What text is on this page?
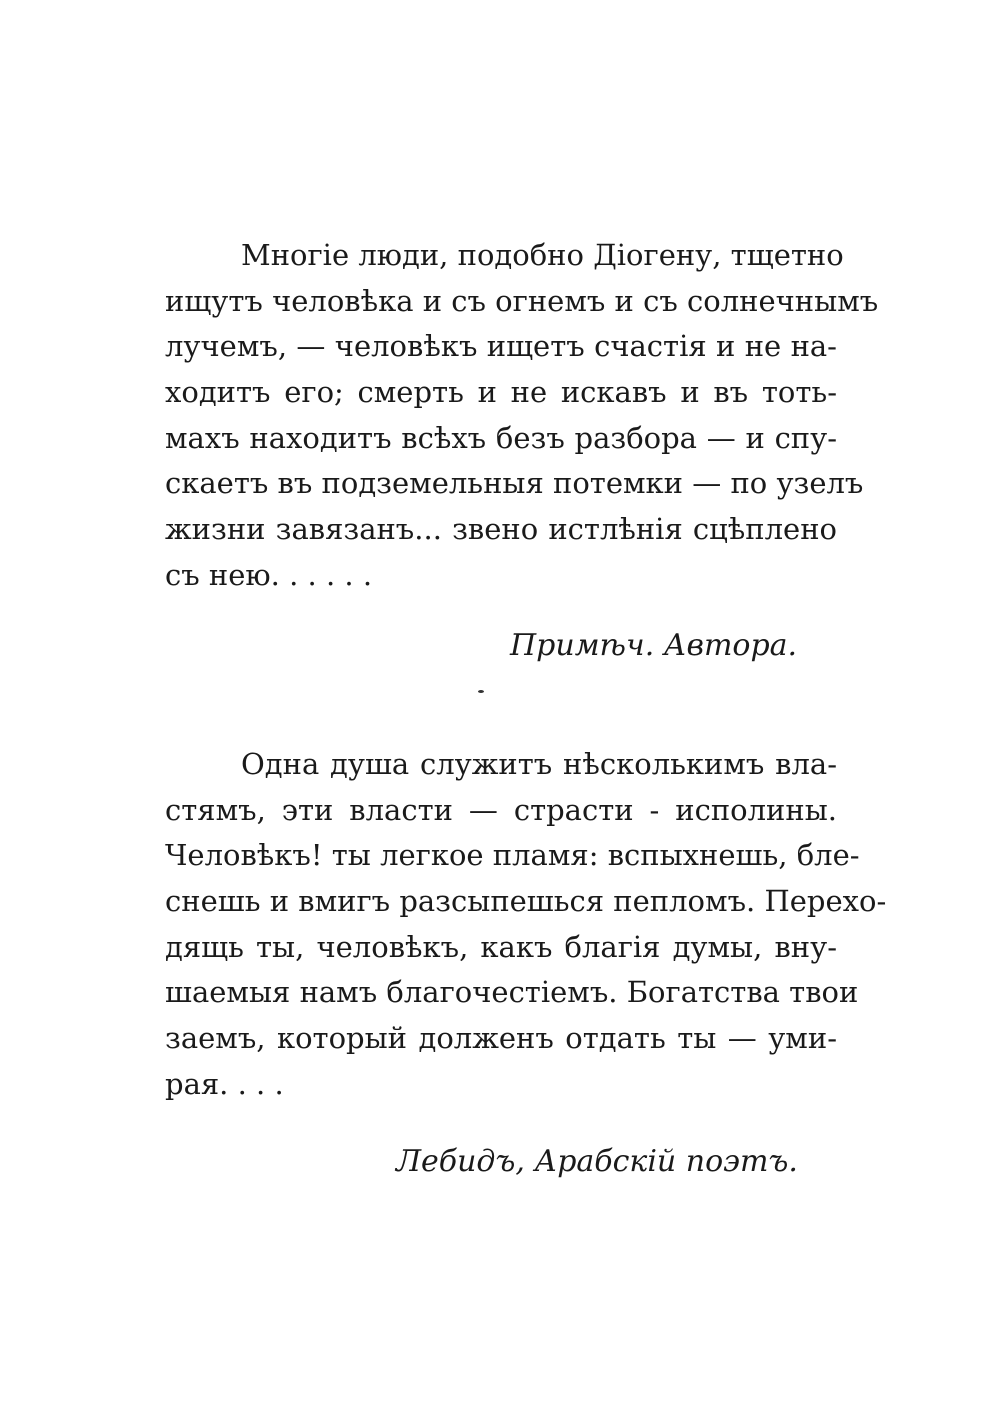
Многіе люди, подобно Діогену, тщетно
ищутъ человѣка и съ огнемъ и съ солнечнымъ
лучемъ, — человѣкъ ищетъ счастія и не на-
ходитъ его; смерть и не искавъ и въ тоть-
махъ находитъ всѣхъ безъ разбора — и спу-
скаетъ въ подземельныя потемки — по узелъ
жизни завязанъ... звено истлѣнія сцѣплено
съ нею. . . . . .
Примѣч. Автора.
Одна душа служитъ нѣсколькимъ вла-
стямъ, эти власти — страсти - исполины.
Человѣкъ! ты легкое пламя: вспыхнешь, бле-
снешь и вмигъ разсыпешься пепломъ. Перехо-
дящь ты, человѣкъ, какъ благія думы, вну-
шаемыя намъ благочестіемъ. Богатства твои
заемъ, который долженъ отдать ты — уми-
рая. . . .
Лебидъ, Арабскій поэтъ.
